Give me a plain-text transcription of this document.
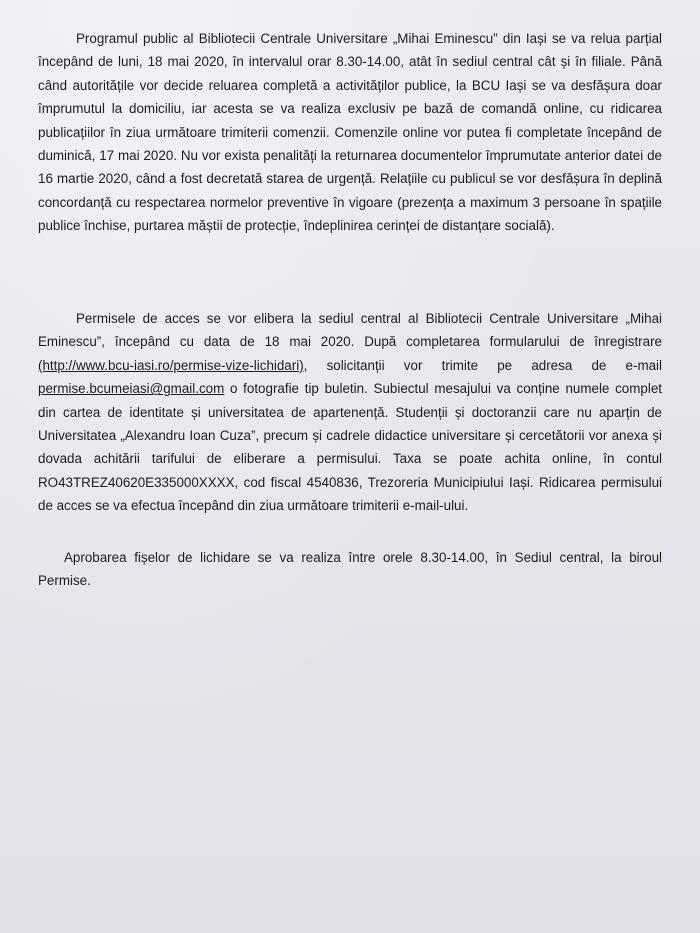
Programul public al Bibliotecii Centrale Universitare „Mihai Eminescu” din Iași se va relua parțial începând de luni, 18 mai 2020, în intervalul orar 8.30-14.00, atât în sediul central cât și în filiale. Până când autoritățile vor decide reluarea completă a activităților publice, la BCU Iași se va desfășura doar împrumutul la domiciliu, iar acesta se va realiza exclusiv pe bază de comandă online, cu ridicarea publicațiilor în ziua următoare trimiterii comenzii. Comenzile online vor putea fi completate începând de duminică, 17 mai 2020. Nu vor exista penalități la returnarea documentelor împrumutate anterior datei de 16 martie 2020, când a fost decretată starea de urgență. Relațiile cu publicul se vor desfășura în deplină concordanță cu respectarea normelor preventive în vigoare (prezența a maximum 3 persoane în spațiile publice închise, purtarea măștii de protecție, îndeplinirea cerinței de distanțare socială).

Permisele de acces se vor elibera la sediul central al Bibliotecii Centrale Universitare „Mihai Eminescu”, începând cu data de 18 mai 2020. După completarea formularului de înregistrare (http://www.bcu-iasi.ro/permise-vize-lichidari), solicitanții vor trimite pe adresa de e-mail permise.bcumeiasi@gmail.com o fotografie tip buletin. Subiectul mesajului va conține numele complet din cartea de identitate și universitatea de apartenență. Studenții și doctoranzii care nu aparțin de Universitatea „Alexandru Ioan Cuza”, precum și cadrele didactice universitare și cercetătorii vor anexa și dovada achitării tarifului de eliberare a permisului. Taxa se poate achita online, în contul RO43TREZ40620E335000XXXX, cod fiscal 4540836, Trezoreria Municipiului Iași. Ridicarea permisului de acces se va efectua începând din ziua următoare trimiterii e-mail-ului.

Aprobarea fișelor de lichidare se va realiza între orele 8.30-14.00, în Sediul central, la biroul Permise.
